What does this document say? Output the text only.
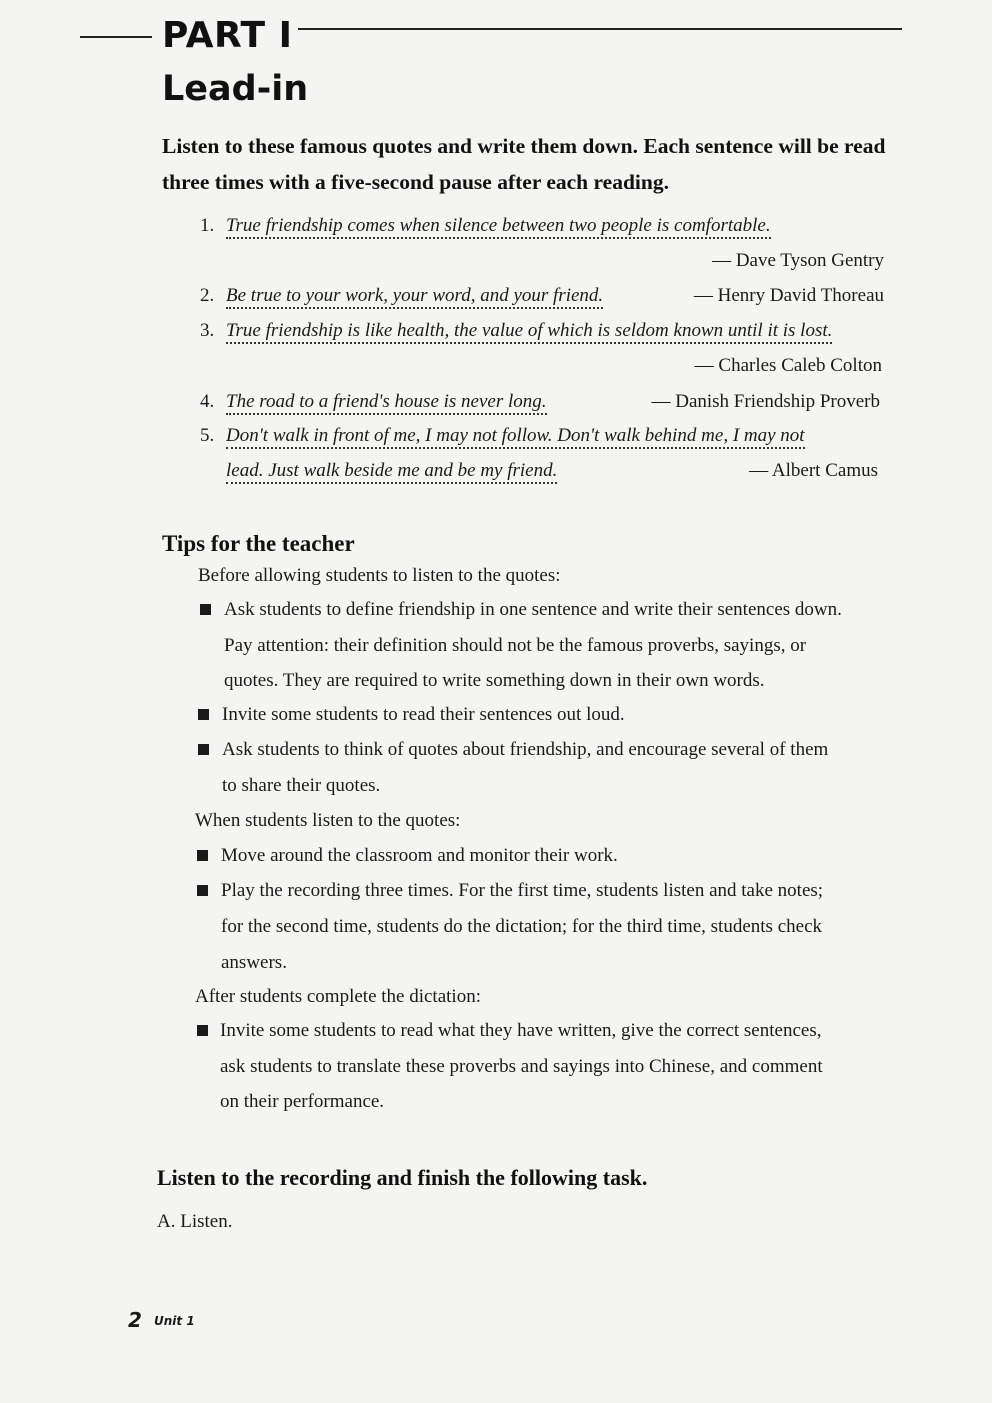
PART I
Lead-in
Listen to these famous quotes and write them down. Each sentence will be read three times with a five-second pause after each reading.
1. True friendship comes when silence between two people is comfortable.
— Dave Tyson Gentry
2. Be true to your work, your word, and your friend.	— Henry David Thoreau
3. True friendship is like health, the value of which is seldom known until it is lost.
— Charles Caleb Colton
4. The road to a friend's house is never long.	— Danish Friendship Proverb
5. Don't walk in front of me, I may not follow. Don't walk behind me, I may not
lead. Just walk beside me and be my friend.	— Albert Camus
Tips for the teacher
Before allowing students to listen to the quotes:
Ask students to define friendship in one sentence and write their sentences down.
Pay attention: their definition should not be the famous proverbs, sayings, or
quotes. They are required to write something down in their own words.
Invite some students to read their sentences out loud.
Ask students to think of quotes about friendship, and encourage several of them
to share their quotes.
When students listen to the quotes:
Move around the classroom and monitor their work.
Play the recording three times. For the first time, students listen and take notes;
for the second time, students do the dictation; for the third time, students check
answers.
After students complete the dictation:
Invite some students to read what they have written, give the correct sentences,
ask students to translate these proverbs and sayings into Chinese, and comment
on their performance.
Listen to the recording and finish the following task.
A. Listen.
2 Unit 1
